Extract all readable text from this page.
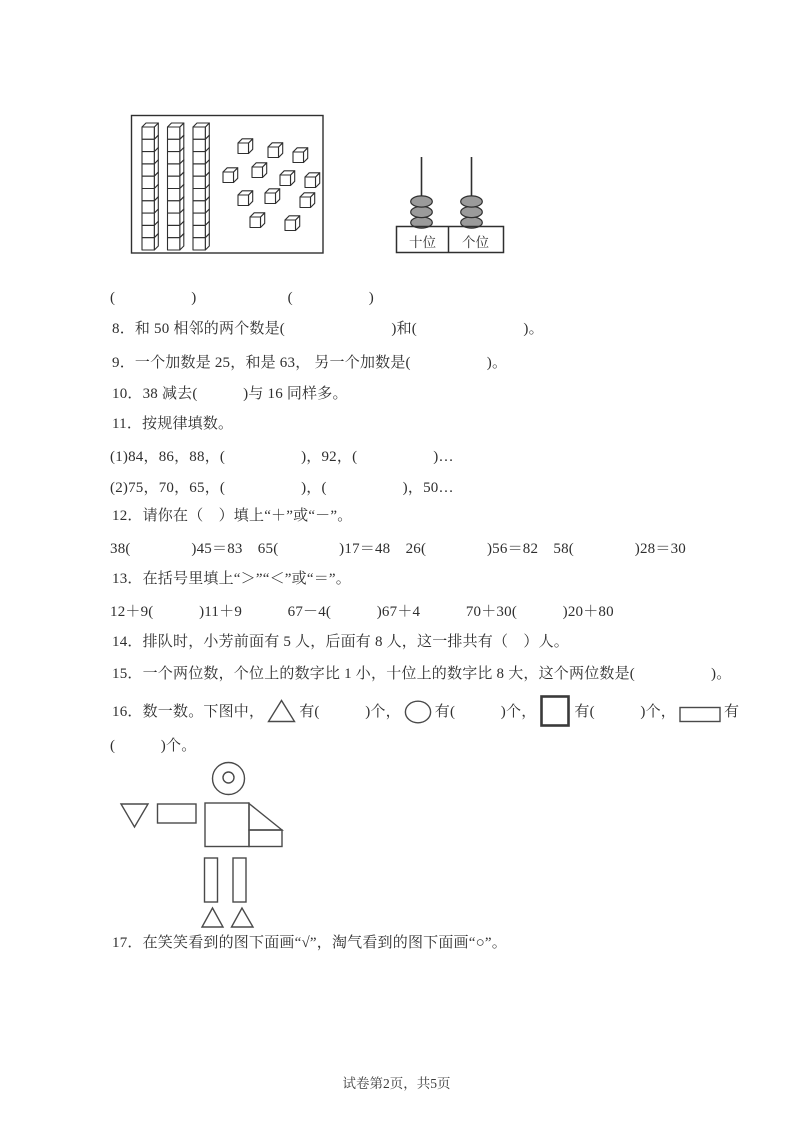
十位 个位
(　　　　　)　　　　　　(　　　　　)
8．和 50 相邻的两个数是(　　　　　　　)和(　　　　　　　)。
9．一个加数是 25，和是 63， 另一个加数是(　　　　　)。
10．38 减去(　　　)与 16 同样多。
11．按规律填数。
(1)84，86，88，(　　　　　)，92，(　　　　　)…
(2)75，70，65，(　　　　　)，(　　　　　)，50…
12．请你在（　）填上“＋”或“－”。
38(　　　　)45＝83　65(　　　　)17＝48　26(　　　　)56＝82　58(　　　　)28＝30
13．在括号里填上“＞”“＜”或“＝”。
12＋9(　　　)11＋9　　　67－4(　　　)67＋4　　　70＋30(　　　)20＋80
14．排队时，小芳前面有 5 人，后面有 8 人，这一排共有（　）人。
15．一个两位数，个位上的数字比 1 小，十位上的数字比 8 大，这个两位数是(　　　　　)。
16．数一数。下图中， 有(　　　)个， 有(　　　)个，	有(　　　)个，	有
(　　　)个。
17．在笑笑看到的图下面画“√”，淘气看到的图下面画“○”。
试卷第2页，共5页
